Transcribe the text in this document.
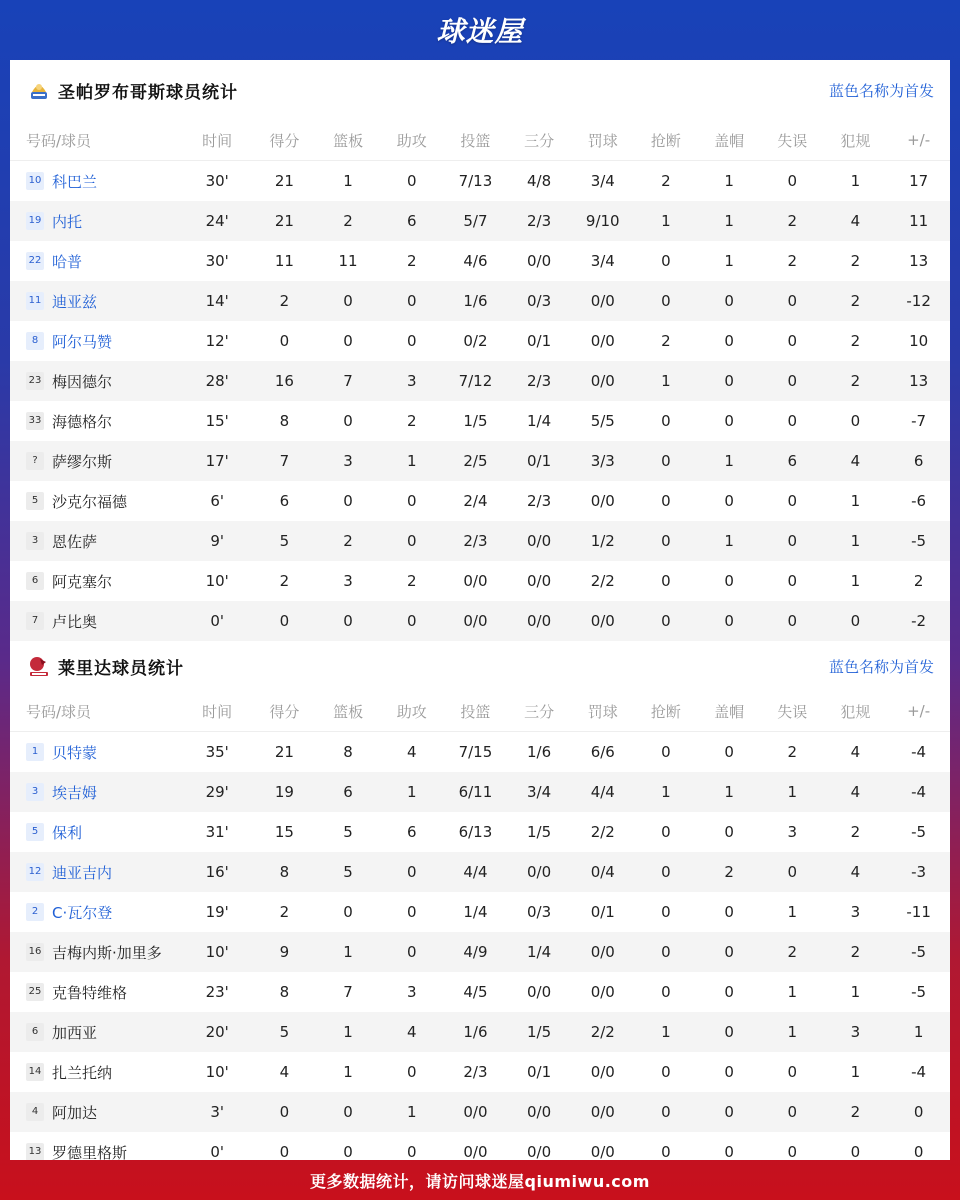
球迷屋
圣帕罗布哥斯球员统计	蓝色名称为首发
号码/球员	时间	得分	篮板	助攻	投篮	三分	罚球	抢断	盖帽	失误	犯规	+/-
10 科巴兰	30'	21	1	0	7/13	4/8	3/4	2	1	0	1	17
19 内托	24'	21	2	6	5/7	2/3	9/10	1	1	2	4	11
22 哈普	30'	11	11	2	4/6	0/0	3/4	0	1	2	2	13
11 迪亚兹	14'	2	0	0	1/6	0/3	0/0	0	0	0	2	-12
8 阿尔马赞	12'	0	0	0	0/2	0/1	0/0	2	0	0	2	10
23 梅因德尔	28'	16	7	3	7/12	2/3	0/0	1	0	0	2	13
33 海德格尔	15'	8	0	2	1/5	1/4	5/5	0	0	0	0	-7
? 萨缪尔斯	17'	7	3	1	2/5	0/1	3/3	0	1	6	4	6
5 沙克尔福德	6'	6	0	0	2/4	2/3	0/0	0	0	0	1	-6
3 恩佐萨	9'	5	2	0	2/3	0/0	1/2	0	1	0	1	-5
6 阿克塞尔	10'	2	3	2	0/0	0/0	2/2	0	0	0	1	2
7 卢比奥	0'	0	0	0	0/0	0/0	0/0	0	0	0	0	-2
莱里达球员统计	蓝色名称为首发
号码/球员	时间	得分	篮板	助攻	投篮	三分	罚球	抢断	盖帽	失误	犯规	+/-
1 贝特蒙	35'	21	8	4	7/15	1/6	6/6	0	0	2	4	-4
3 埃吉姆	29'	19	6	1	6/11	3/4	4/4	1	1	1	4	-4
5 保利	31'	15	5	6	6/13	1/5	2/2	0	0	3	2	-5
12 迪亚吉内	16'	8	5	0	4/4	0/0	0/4	0	2	0	4	-3
2 C·瓦尔登	19'	2	0	0	1/4	0/3	0/1	0	0	1	3	-11
16 吉梅内斯·加里多	10'	9	1	0	4/9	1/4	0/0	0	0	2	2	-5
25 克鲁特维格	23'	8	7	3	4/5	0/0	0/0	0	0	1	1	-5
6 加西亚	20'	5	1	4	1/6	1/5	2/2	1	0	1	3	1
14 扎兰托纳	10'	4	1	0	2/3	0/1	0/0	0	0	0	1	-4
4 阿加达	3'	0	0	1	0/0	0/0	0/0	0	0	0	2	0
13 罗德里格斯	0'	0	0	0	0/0	0/0	0/0	0	0	0	0	0
更多数据统计，请访问球迷屋qiumiwu.com
